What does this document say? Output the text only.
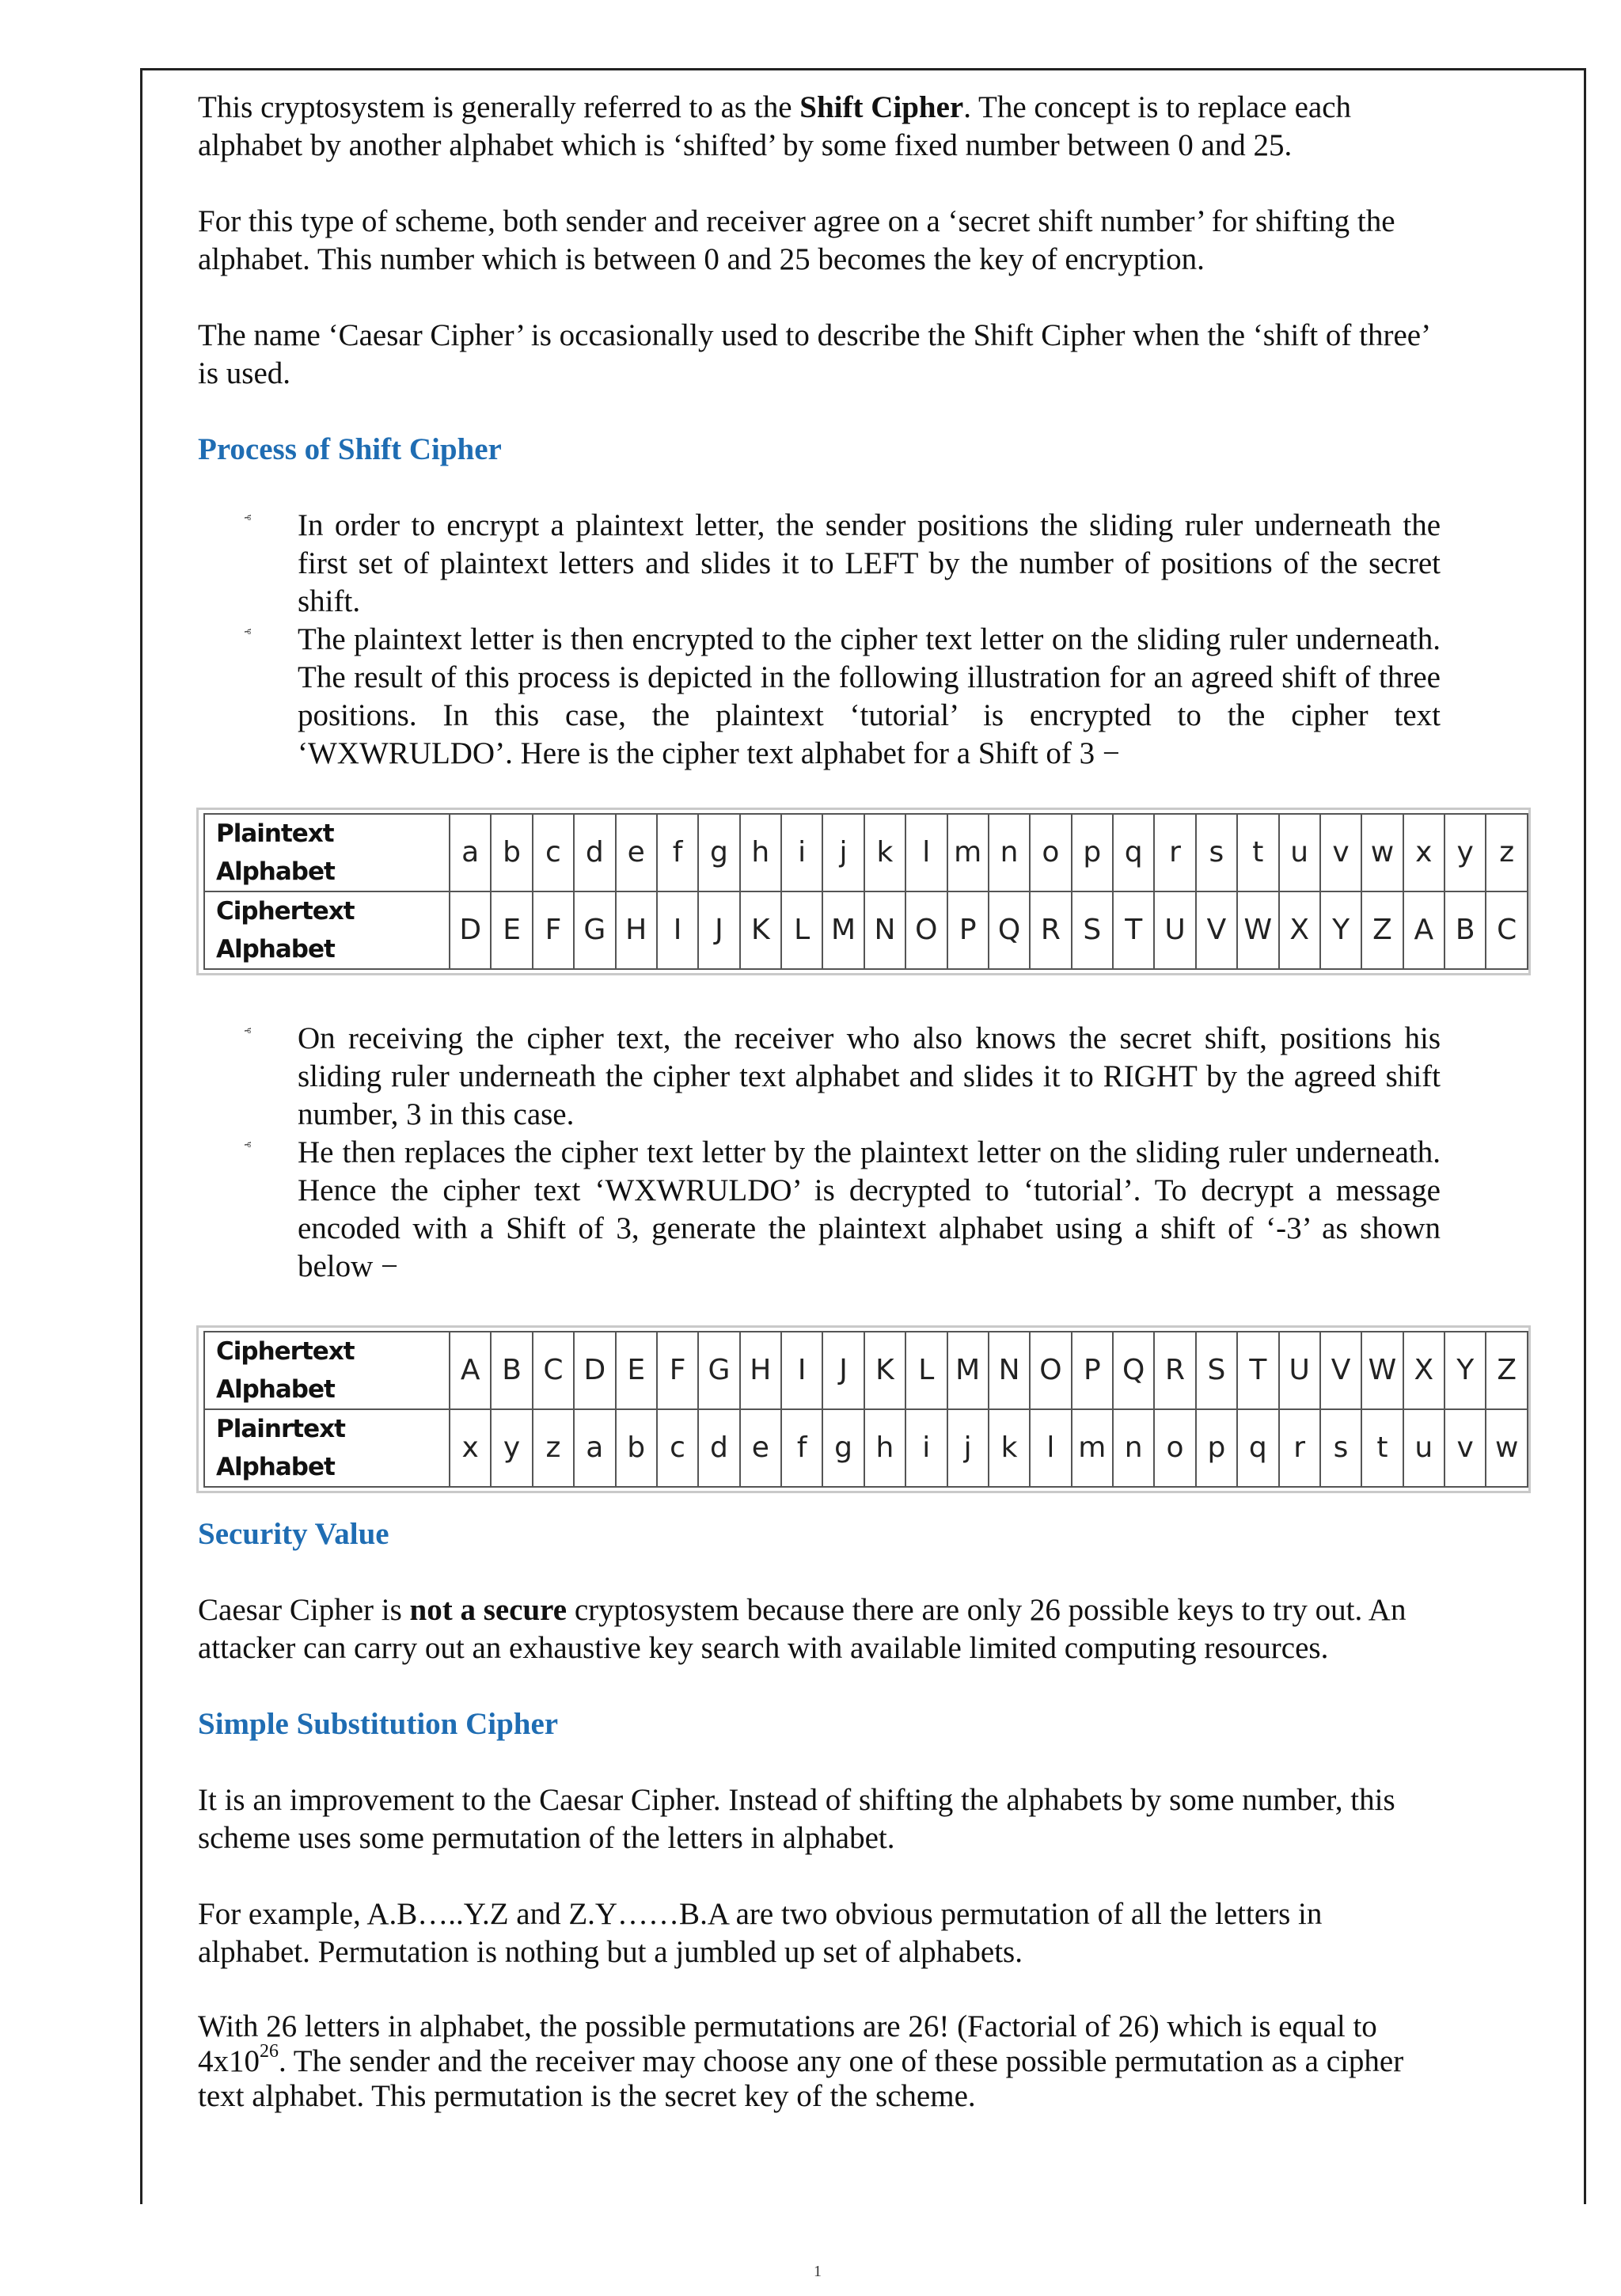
This cryptosystem is generally referred to as the Shift Cipher. The concept is to replace each alphabet by another alphabet which is ‘shifted’ by some fixed number between 0 and 25.

For this type of scheme, both sender and receiver agree on a ‘secret shift number’ for shifting the alphabet. This number which is between 0 and 25 becomes the key of encryption.

The name ‘Caesar Cipher’ is occasionally used to describe the Shift Cipher when the ‘shift of three’ is used.

Process of Shift Cipher
Ⳡ In order to encrypt a plaintext letter, the sender positions the sliding ruler underneath the first set of plaintext letters and slides it to LEFT by the number of positions of the secret shift.
Ⳡ The plaintext letter is then encrypted to the cipher text letter on the sliding ruler underneath. The result of this process is depicted in the following illustration for an agreed shift of three positions. In this case, the plaintext ‘tutorial’ is encrypted to the cipher text ‘WXWRULDO’. Here is the cipher text alphabet for a Shift of 3 −
Plaintext Alphabet	a	b	c	d	e	f	g	h	i	j	k	l	m	n	o	p	q	r	s	t	u	v	w	x	y	z
Ciphertext Alphabet	D	E	F	G	H	I	J	K	L	M	N	O	P	Q	R	S	T	U	V	W	X	Y	Z	A	B	C
Ⳡ On receiving the cipher text, the receiver who also knows the secret shift, positions his sliding ruler underneath the cipher text alphabet and slides it to RIGHT by the agreed shift number, 3 in this case.
Ⳡ He then replaces the cipher text letter by the plaintext letter on the sliding ruler underneath. Hence the cipher text ‘WXWRULDO’ is decrypted to ‘tutorial’. To decrypt a message encoded with a Shift of 3, generate the plaintext alphabet using a shift of ‘-3’ as shown below −
Ciphertext Alphabet	A	B	C	D	E	F	G	H	I	J	K	L	M	N	O	P	Q	R	S	T	U	V	W	X	Y	Z
Plainrtext Alphabet	x	y	z	a	b	c	d	e	f	g	h	i	j	k	l	m	n	o	p	q	r	s	t	u	v	w
Security Value

Caesar Cipher is not a secure cryptosystem because there are only 26 possible keys to try out. An attacker can carry out an exhaustive key search with available limited computing resources.

Simple Substitution Cipher

It is an improvement to the Caesar Cipher. Instead of shifting the alphabets by some number, this scheme uses some permutation of the letters in alphabet.

For example, A.B…..Y.Z and Z.Y……B.A are two obvious permutation of all the letters in alphabet. Permutation is nothing but a jumbled up set of alphabets.

With 26 letters in alphabet, the possible permutations are 26! (Factorial of 26) which is equal to $4x10^{26}$. The sender and the receiver may choose any one of these possible permutation as a cipher text alphabet. This permutation is the secret key of the scheme.

1
